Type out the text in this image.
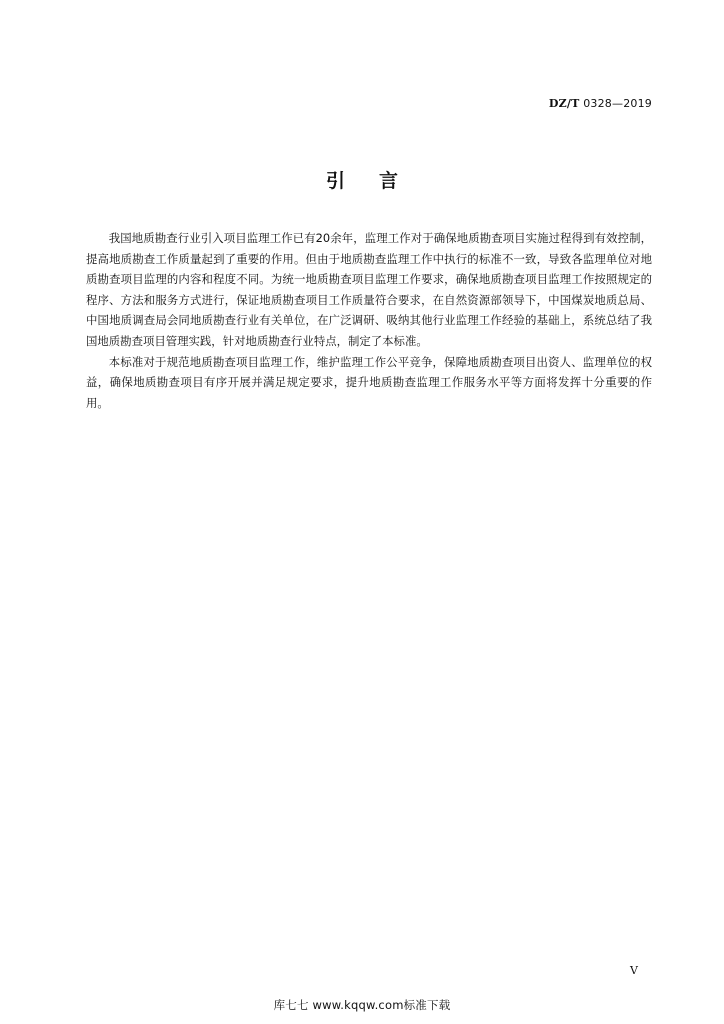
DZ/T 0328—2019
引言

我国地质勘查行业引入项目监理工作已有20余年，监理工作对于确保地质勘查项目实施过程得到有效控制，提高地质勘查工作质量起到了重要的作用。但由于地质勘查监理工作中执行的标准不一致，导致各监理单位对地质勘查项目监理的内容和程度不同。为统一地质勘查项目监理工作要求，确保地质勘查项目监理工作按照规定的程序、方法和服务方式进行，保证地质勘查项目工作质量符合要求，在自然资源部领导下，中国煤炭地质总局、中国地质调查局会同地质勘查行业有关单位，在广泛调研、吸纳其他行业监理工作经验的基础上，系统总结了我国地质勘查项目管理实践，针对地质勘查行业特点，制定了本标准。

本标准对于规范地质勘查项目监理工作，维护监理工作公平竞争，保障地质勘查项目出资人、监理单位的权益，确保地质勘查项目有序开展并满足规定要求，提升地质勘查监理工作服务水平等方面将发挥十分重要的作用。

V
库七七 www.kqqw.com标准下载
